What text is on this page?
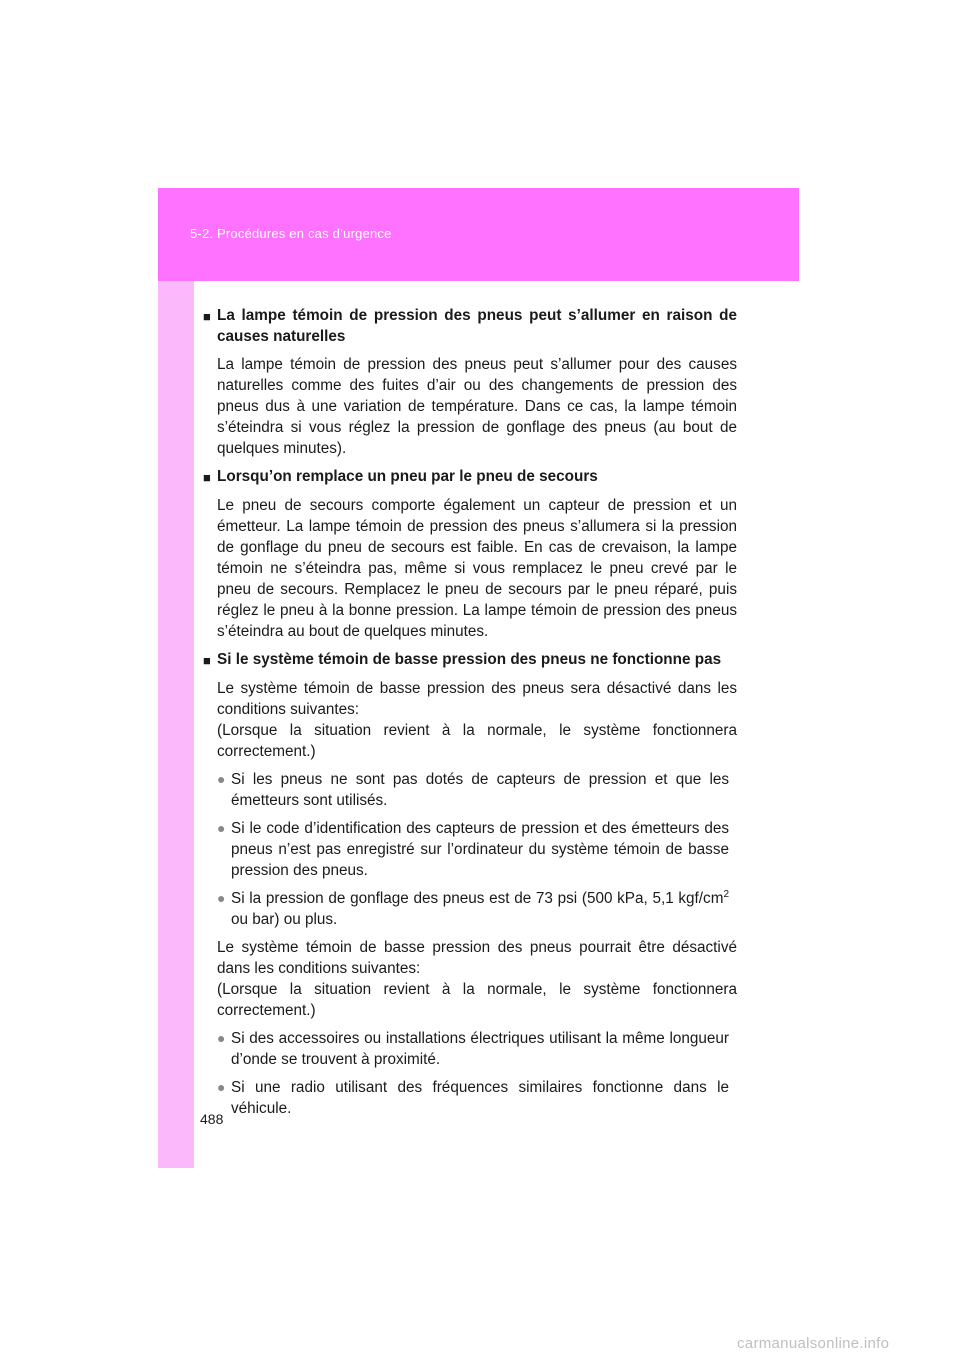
5-2. Procédures en cas d’urgence
■ La lampe témoin de pression des pneus peut s’allumer en raison de causes naturelles
La lampe témoin de pression des pneus peut s’allumer pour des causes naturelles comme des fuites d’air ou des changements de pression des pneus dus à une variation de température. Dans ce cas, la lampe témoin s’éteindra si vous réglez la pression de gonflage des pneus (au bout de quelques minutes).
■ Lorsqu’on remplace un pneu par le pneu de secours
Le pneu de secours comporte également un capteur de pression et un émetteur. La lampe témoin de pression des pneus s’allumera si la pression de gonflage du pneu de secours est faible. En cas de crevaison, la lampe témoin ne s’éteindra pas, même si vous remplacez le pneu crevé par le pneu de secours. Remplacez le pneu de secours par le pneu réparé, puis réglez le pneu à la bonne pression. La lampe témoin de pression des pneus s’éteindra au bout de quelques minutes.
■ Si le système témoin de basse pression des pneus ne fonctionne pas
Le système témoin de basse pression des pneus sera désactivé dans les conditions suivantes:
(Lorsque la situation revient à la normale, le système fonctionnera correctement.)
● Si les pneus ne sont pas dotés de capteurs de pression et que les émetteurs sont utilisés.
● Si le code d’identification des capteurs de pression et des émetteurs des pneus n’est pas enregistré sur l’ordinateur du système témoin de basse pression des pneus.
● Si la pression de gonflage des pneus est de 73 psi (500 kPa, 5,1 kgf/$cm^2$ ou bar) ou plus.
Le système témoin de basse pression des pneus pourrait être désactivé dans les conditions suivantes:
(Lorsque la situation revient à la normale, le système fonctionnera correctement.)
● Si des accessoires ou installations électriques utilisant la même longueur d’onde se trouvent à proximité.
● Si une radio utilisant des fréquences similaires fonctionne dans le véhicule.
488
carmanualsonline.info
